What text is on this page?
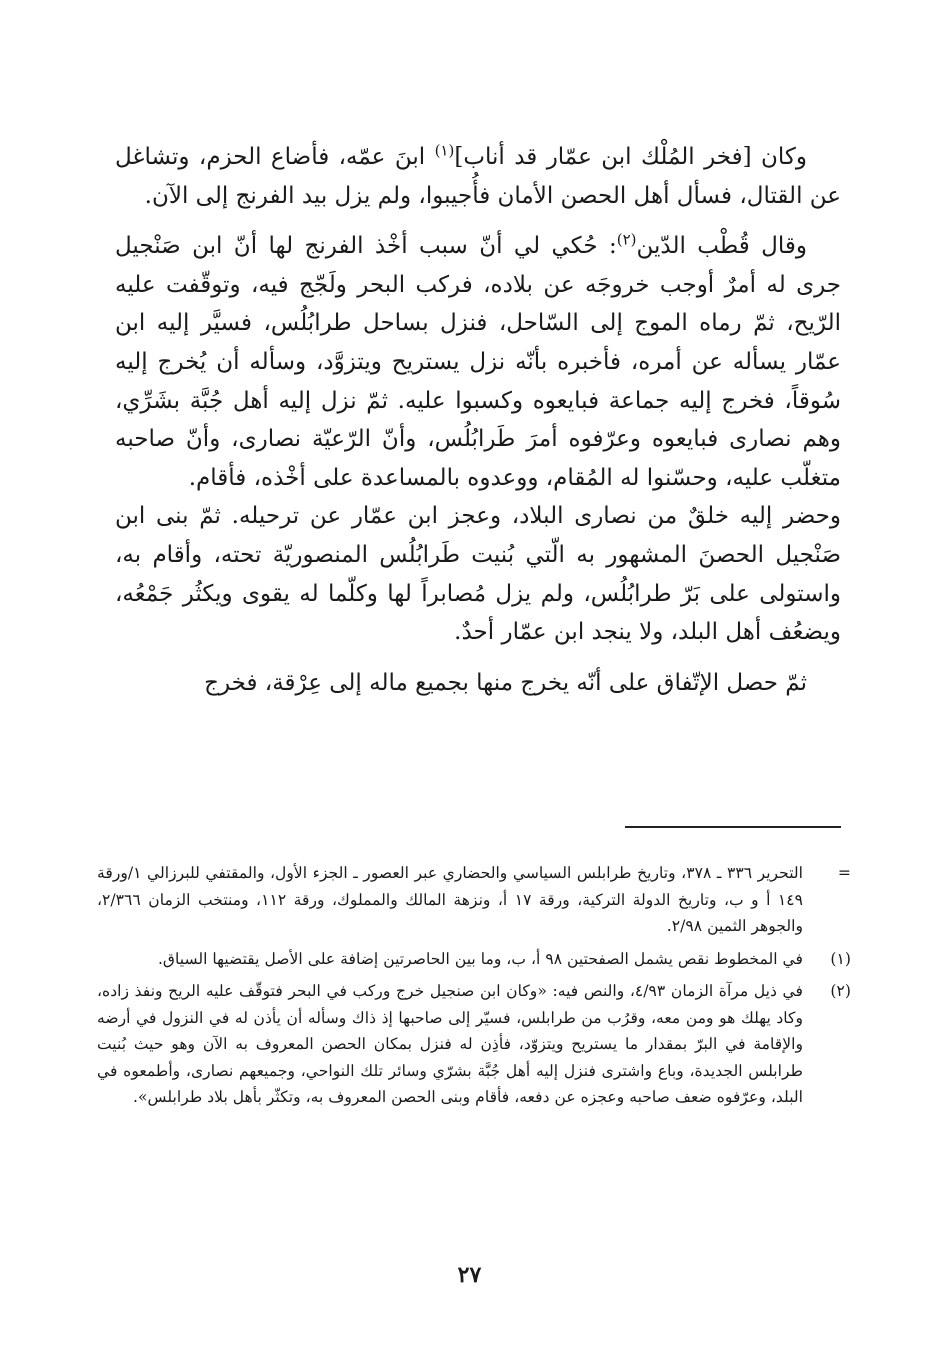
وكان [فخر المُلْك ابن عمّار قد أناب]$^{(١)}$ ابنَ عمّه، فأضاع الحزم، وتشاغل عن القتال، فسأل أهل الحصن الأمان فأُجيبوا، ولم يزل بيد الفرنج إلى الآن.

وقال قُطْب الدّين$^{(٢)}$: حُكي لي أنّ سبب أخْذ الفرنج لها أنّ ابن صَنْجيل جرى له أمرٌ أوجب خروجَه عن بلاده، فركب البحر ولَجّج فيه، وتوقّفت عليه الرّيح، ثمّ رماه الموج إلى السّاحل، فنزل بساحل طرابُلُس، فسيَّر إليه ابن عمّار يسأله عن أمره، فأخبره بأنّه نزل يستريح ويتزوَّد، وسأله أن يُخرج إليه سُوقاً، فخرج إليه جماعة فبايعوه وكسبوا عليه. ثمّ نزل إليه أهل جُبَّة بشَرِّي، وهم نصارى فبايعوه وعرّفوه أمرَ طَرابُلُس، وأنّ الرّعيّة نصارى، وأنّ صاحبه متغلّب عليه، وحسّنوا له المُقام، ووعدوه بالمساعدة على أخْذه، فأقام.

وحضر إليه خلقٌ من نصارى البلاد، وعجز ابن عمّار عن ترحيله. ثمّ بنى ابن صَنْجيل الحصنَ المشهور به الّتي بُنيت طَرابُلُس المنصوريّة تحته، وأقام به، واستولى على بَرّ طرابُلُس، ولم يزل مُصابراً لها وكلّما له يقوى ويكثُر جَمْعُه، ويضعُف أهل البلد، ولا ينجد ابن عمّار أحدٌ.

ثمّ حصل الإتّفاق على أنّه يخرج منها بجميع ماله إلى عِرْقة، فخرج

=
التحرير ٣٣٦ ـ ٣٧٨، وتاريخ طرابلس السياسي والحضاري عبر العصور ـ الجزء الأول، والمقتفي للبرزالي ١/ورقة ١٤٩ أ و ب، وتاريخ الدولة التركية، ورقة ١٧ أ، ونزهة المالك والمملوك، ورقة ١١٢، ومنتخب الزمان ٢/٣٦٦، والجوهر الثمين ٢/٩٨.
(١)
في المخطوط نقص يشمل الصفحتين ٩٨ أ، ب، وما بين الحاصرتين إضافة على الأصل يقتضيها السياق.
(٢)
في ذيل مرآة الزمان ٤/٩٣، والنص فيه: «وكان ابن صنجيل خرج وركب في البحر فتوقّف عليه الريح ونفذ زاده، وكاد يهلك هو ومن معه، وقرُب من طرابلس، فسيّر إلى صاحبها إذ ذاك وسأله أن يأذن له في النزول في أرضه والإقامة في البرّ بمقدار ما يستريح ويتزوّد، فأذِن له فنزل بمكان الحصن المعروف به الآن وهو حيث بُنيت طرابلس الجديدة، وباع واشترى فنزل إليه أهل جُبَّة بشرّي وسائر تلك النواحي، وجميعهم نصارى، وأطمعوه في البلد، وعرّفوه ضعف صاحبه وعجزه عن دفعه، فأقام وبنى الحصن المعروف به، وتكثّر بأهل بلاد طرابلس».
٢٧
